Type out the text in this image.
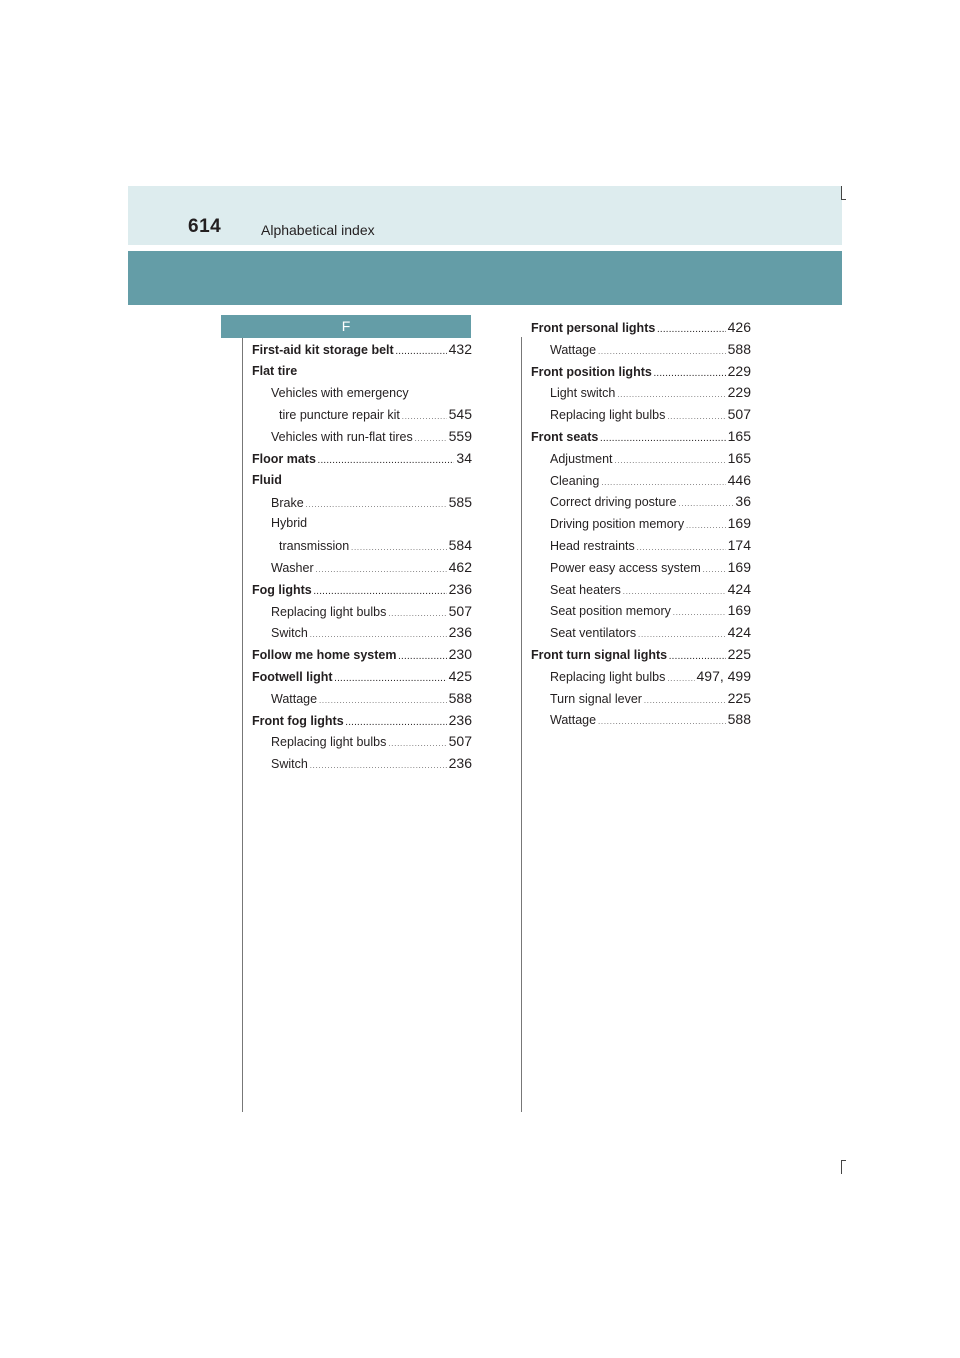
614	Alphabetical index
F
First-aid kit storage belt .....	432
Flat tire
Vehicles with emergency
tire puncture repair kit .....	545
Vehicles with run-flat tires .....	559
Floor mats .....	34
Fluid
Brake .....	585
Hybrid
transmission .....	584
Washer .....	462
Fog lights .....	236
Replacing light bulbs .....	507
Switch .....	236
Follow me home system .....	230
Footwell light .....	425
Wattage .....	588
Front fog lights .....	236
Replacing light bulbs .....	507
Switch .....	236
Front personal lights .....	426
Wattage .....	588
Front position lights .....	229
Light switch .....	229
Replacing light bulbs .....	507
Front seats .....	165
Adjustment .....	165
Cleaning .....	446
Correct driving posture .....	36
Driving position memory .....	169
Head restraints .....	174
Power easy access system ..... 169
Seat heaters .....	424
Seat position memory .....	169
Seat ventilators .....	424
Front turn signal lights .....	225
Replacing light bulbs ..... 497, 499
Turn signal lever .....	225
Wattage .....	588
